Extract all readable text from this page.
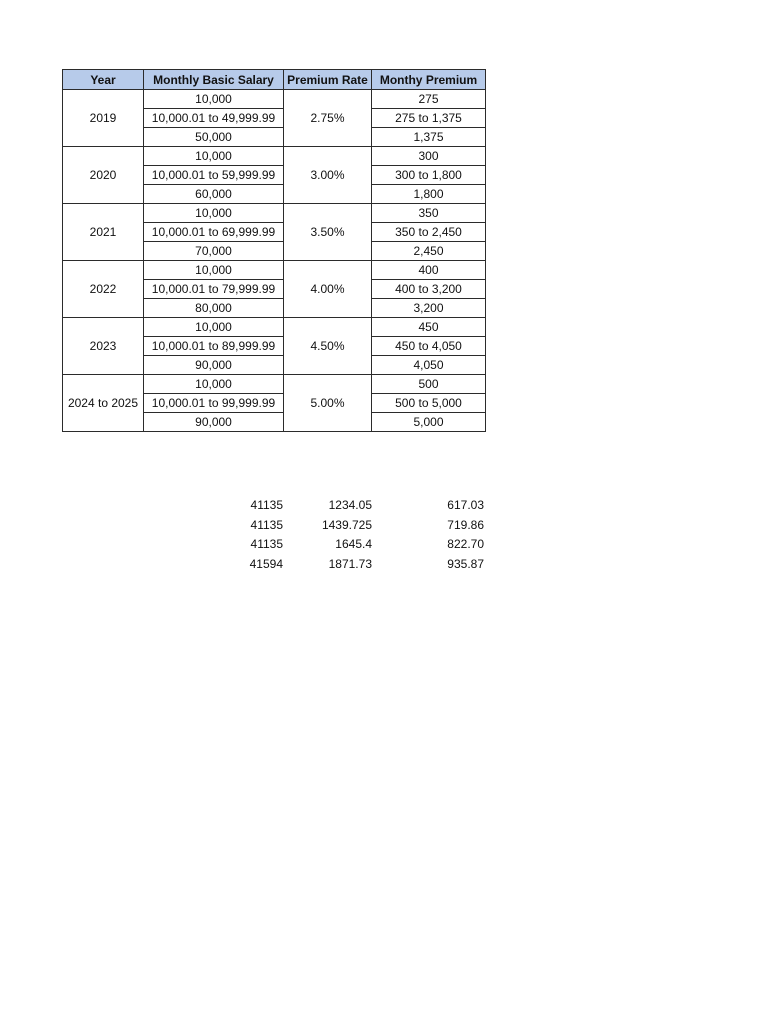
Year	Monthly Basic Salary	Premium Rate	Monthy Premium
2019	10,000	2.75%	275
	10,000.01 to 49,999.99		275 to 1,375
	50,000		1,375
2020	10,000	3.00%	300
	10,000.01 to 59,999.99		300 to 1,800
	60,000		1,800
2021	10,000	3.50%	350
	10,000.01 to 69,999.99		350 to 2,450
	70,000		2,450
2022	10,000	4.00%	400
	10,000.01 to 79,999.99		400 to 3,200
	80,000		3,200
2023	10,000	4.50%	450
	10,000.01 to 89,999.99		450 to 4,050
	90,000		4,050
2024 to 2025	10,000	5.00%	500
	10,000.01 to 99,999.99		500 to 5,000
	90,000		5,000
41135	1234.05	617.03
41135	1439.725	719.86
41135	1645.4	822.70
41594	1871.73	935.87
